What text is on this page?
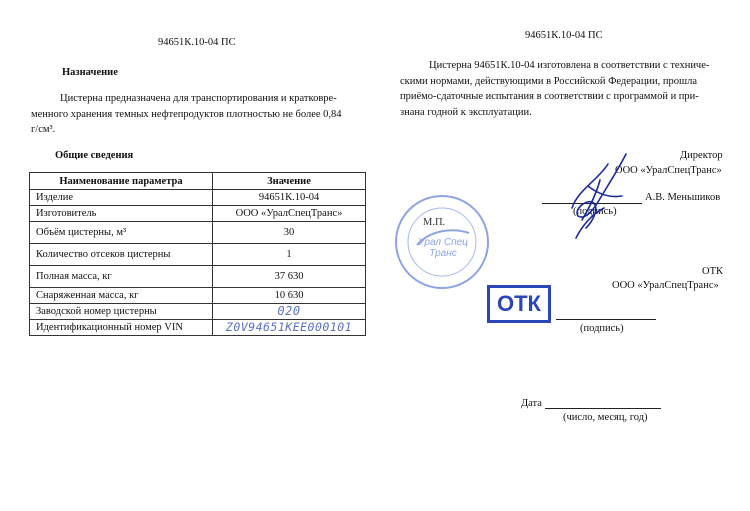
94651К.10-04 ПС
Назначение
Цистерна предназначена для транспортирования и кратковре-
менного хранения темных нефтепродуктов плотностью не более 0,84
г/см³.
Общие сведения
Наименование параметра	Значение
Изделие	94651К.10-04
Изготовитель	ООО «УралСпецТранс»
Объём цистерны, м³	30
Количество отсеков цистерны	1
Полная масса, кг	37 630
Снаряженная масса, кг	10 630
Заводской номер цистерны	020
Идентификационный номер VIN	Z0V94651KEE000101
94651К.10-04 ПС
Цистерна 94651К.10-04 изготовлена в соответствии с техниче-
скими нормами, действующими в Российской Федерации, прошла
приёмо-сдаточные испытания в соответствии с программой и при-
знана годной к эксплуатации.
Директор
ООО «УралСпецТранс»
А.В. Меньшиков
(подпись)
М.П.
Урал Спец Транс
ОТК
ООО «УралСпецТранс»
ОТК
(подпись)
Дата
(число, месяц, год)
